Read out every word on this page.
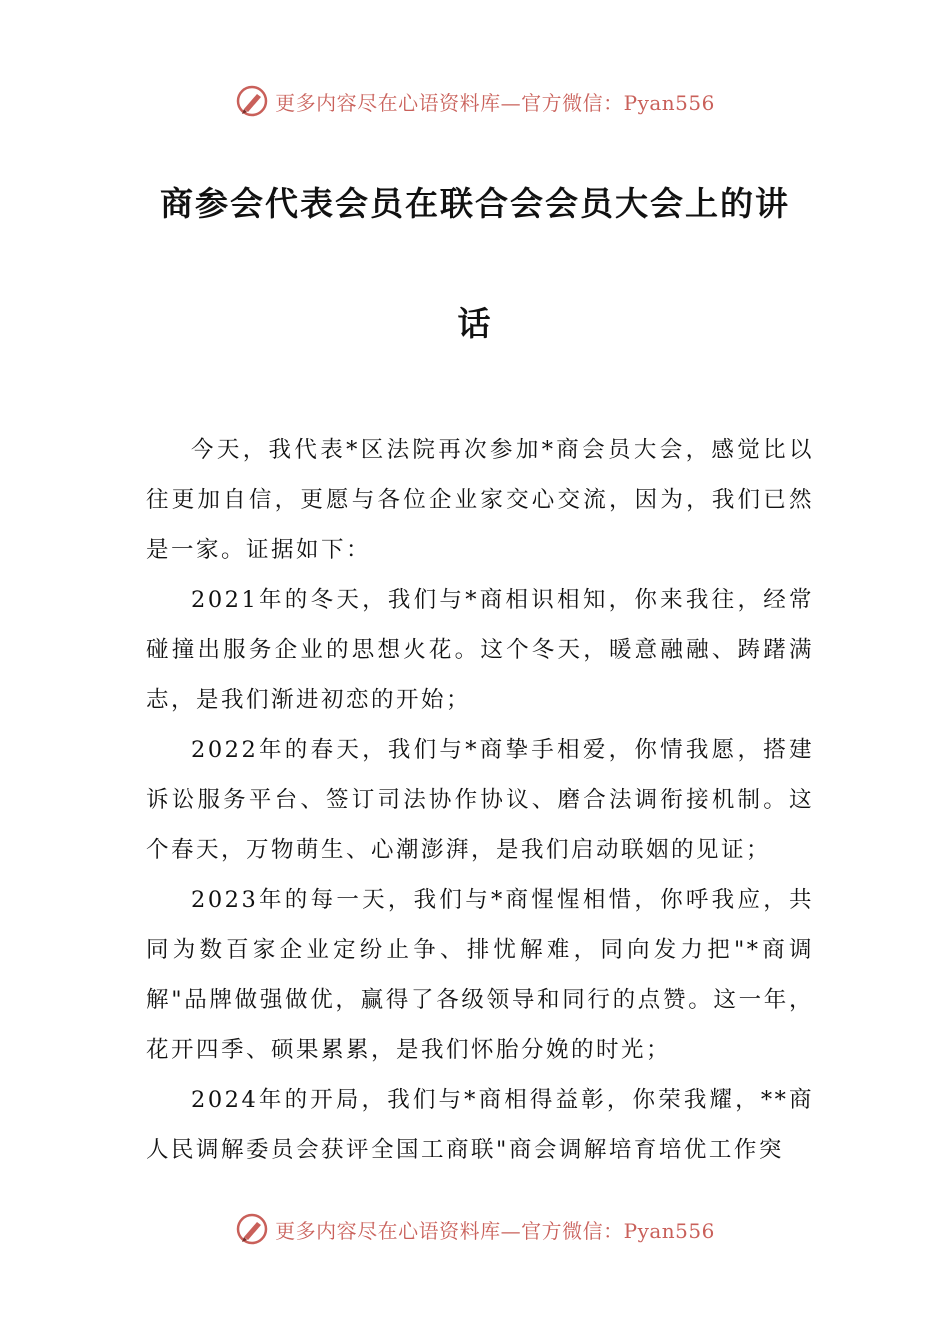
更多内容尽在心语资料库—官方微信：Pyan556
商参会代表会员在联合会会员大会上的讲
话

今天，我代表*区法院再次参加*商会员大会，感觉比以往更加自信，更愿与各位企业家交心交流，因为，我们已然是一家。证据如下：

2021年的冬天，我们与*商相识相知，你来我往，经常碰撞出服务企业的思想火花。这个冬天，暖意融融、踌躇满志，是我们渐进初恋的开始；

2022年的春天，我们与*商挚手相爱，你情我愿，搭建诉讼服务平台、签订司法协作协议、磨合法调衔接机制。这个春天，万物萌生、心潮澎湃，是我们启动联姻的见证；

2023年的每一天，我们与*商惺惺相惜，你呼我应，共同为数百家企业定纷止争、排忧解难，同向发力把"*商调解"品牌做强做优，赢得了各级领导和同行的点赞。这一年，花开四季、硕果累累，是我们怀胎分娩的时光；

2024年的开局，我们与*商相得益彰，你荣我耀，**商人民调解委员会获评全国工商联"商会调解培育培优工作突

更多内容尽在心语资料库—官方微信：Pyan556
